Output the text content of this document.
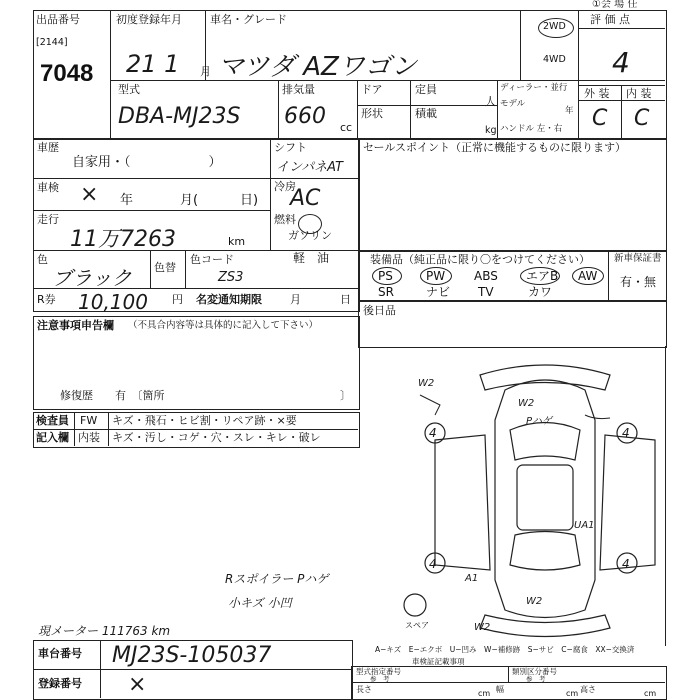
出品番号
[2144]
7048
初度登録年月
21 1 月
車名・グレード
マツダ AZワゴン
2WD
4WD
①会 場 任
評 価 点
4
型式
DBA-MJ23S
排気量
660 cc
ドア	定員
人
形状	積載
kg
ディーラー・並行
モデル
年
ハンドル 左・右
外 装 内 装
C C
車歴
自家用・（　　　　　　）
シフト
インパネAT
冷房
AC
車検 × 年	月(	日)
燃料
ガソリン
軽　油
走行
11万7263	km
色
ブラック 色替
色コード
ZS3
R券 10,100 円 名変通知期限	月	日
注意事項申告欄 （不具合内容等は具体的に記入して下さい）
修復歴　　有　〔箇所	〕
検査員
記入欄
FW キズ・飛石・ヒビ割・リペア跡・×要
内装 キズ・汚し・コゲ・穴・スレ・キレ・破レ
セールスポイント（正常に機能するものに限ります）
装備品（純正品に限り〇をつけてください）	新車保証書
有・無
PS	PW ABS エアB AW
SR	ナビ TV	カワ
後日品
W2
W2
Pハゲ
UA1
A1
W2
W2
4	4
4	4
スペア
Rスポイラー Pハゲ
小キズ 小凹
現メーター 111763 km
車台番号 MJ23S-105037
登録番号 ×
A−キズ　E−エクボ　U−凹み　W−補修跡　S−サビ　C−腐食　XX−交換済
車検証記載事項
型式指定番号
参　考
類別区分番号
参　考
長さ	cm 幅	cm 高さ	cm
